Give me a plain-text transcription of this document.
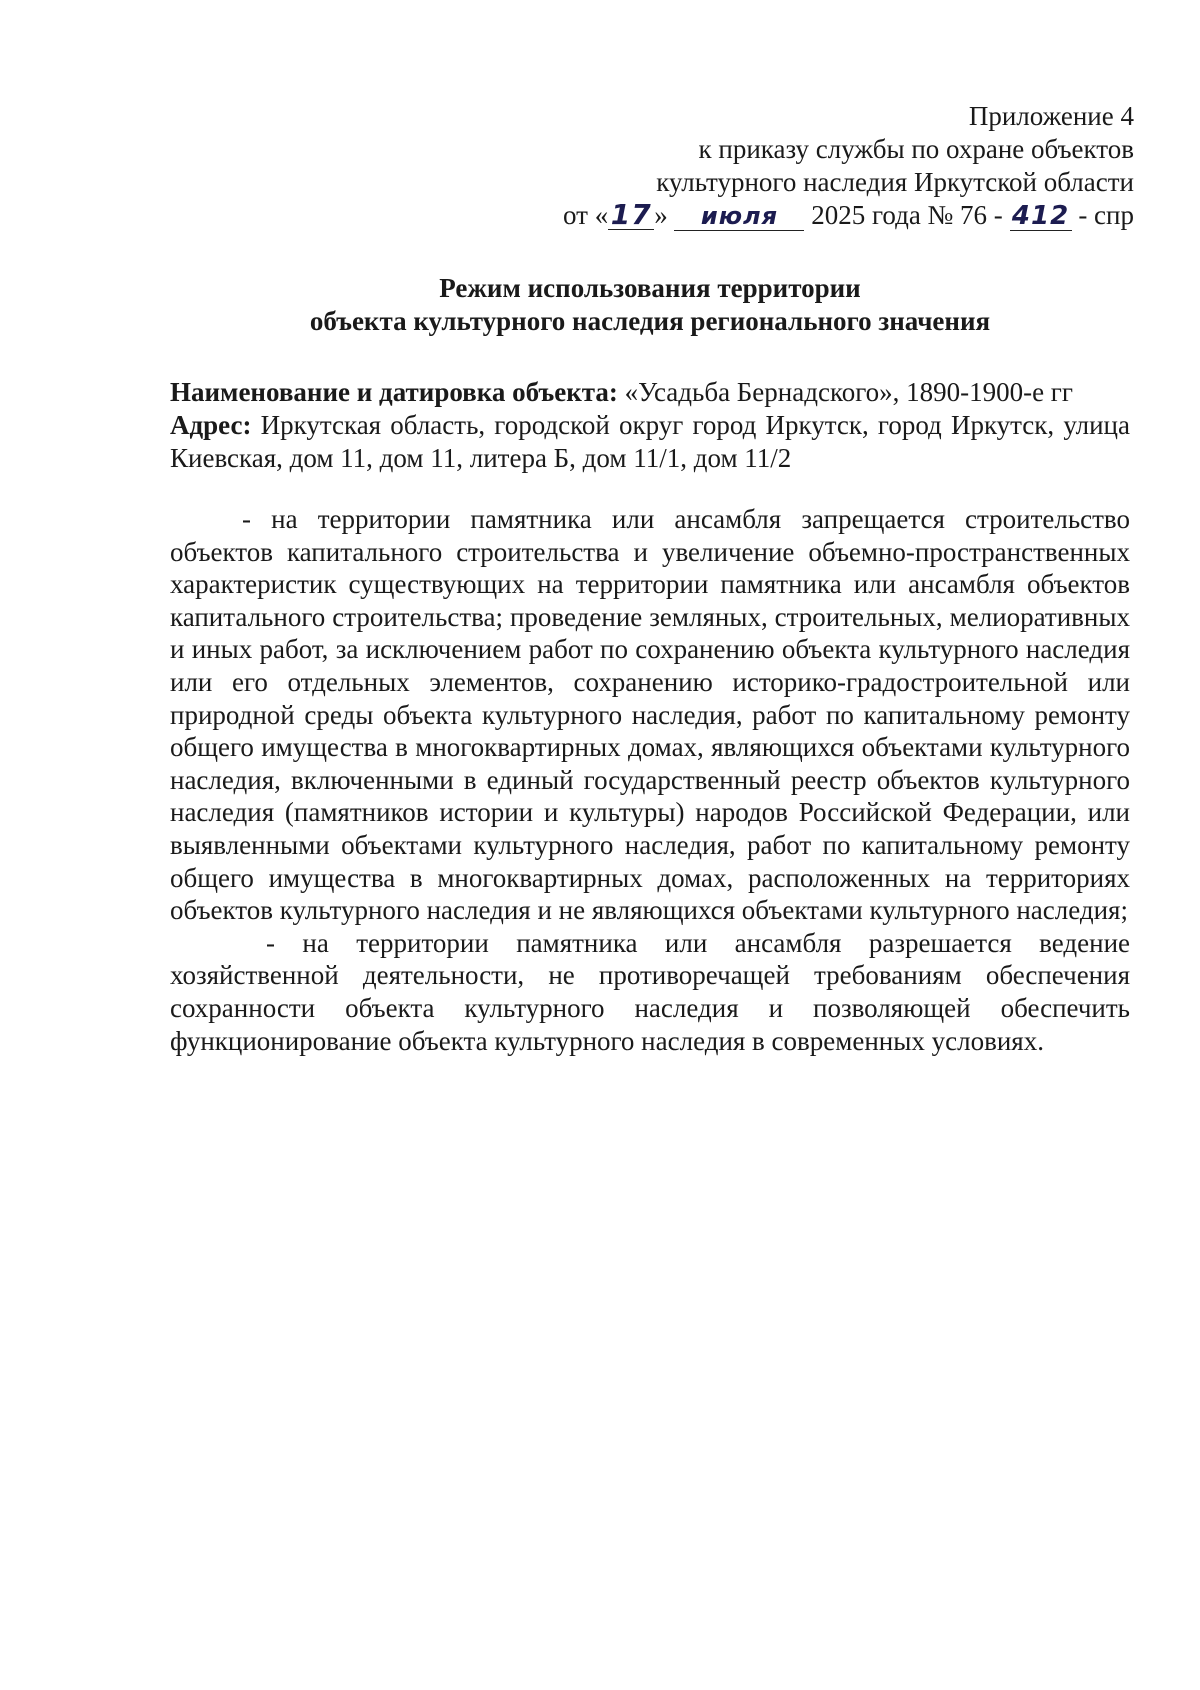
Приложение 4
к приказу службы по охране объектов
культурного наследия Иркутской области
от «17» июля 2025 года № 76 - 412 - спр
Режим использования территории
объекта культурного наследия регионального значения

Наименование и датировка объекта: «Усадьба Бернадского», 1890-1900-е гг

Адрес: Иркутская область, городской округ город Иркутск, город Иркутск, улица Киевская, дом 11, дом 11, литера Б, дом 11/1, дом 11/2

- на территории памятника или ансамбля запрещается строительство объектов капитального строительства и увеличение объемно-пространственных характеристик существующих на территории памятника или ансамбля объектов капитального строительства; проведение земляных, строительных, мелиоративных и иных работ, за исключением работ по сохранению объекта культурного наследия или его отдельных элементов, сохранению историко-градостроительной или природной среды объекта культурного наследия, работ по капитальному ремонту общего имущества в многоквартирных домах, являющихся объектами культурного наследия, включенными в единый государственный реестр объектов культурного наследия (памятников истории и культуры) народов Российской Федерации, или выявленными объектами культурного наследия, работ по капитальному ремонту общего имущества в многоквартирных домах, расположенных на территориях объектов культурного наследия и не являющихся объектами культурного наследия;

- на территории памятника или ансамбля разрешается ведение хозяйственной деятельности, не противоречащей требованиям обеспечения сохранности объекта культурного наследия и позволяющей обеспечить функционирование объекта культурного наследия в современных условиях.
